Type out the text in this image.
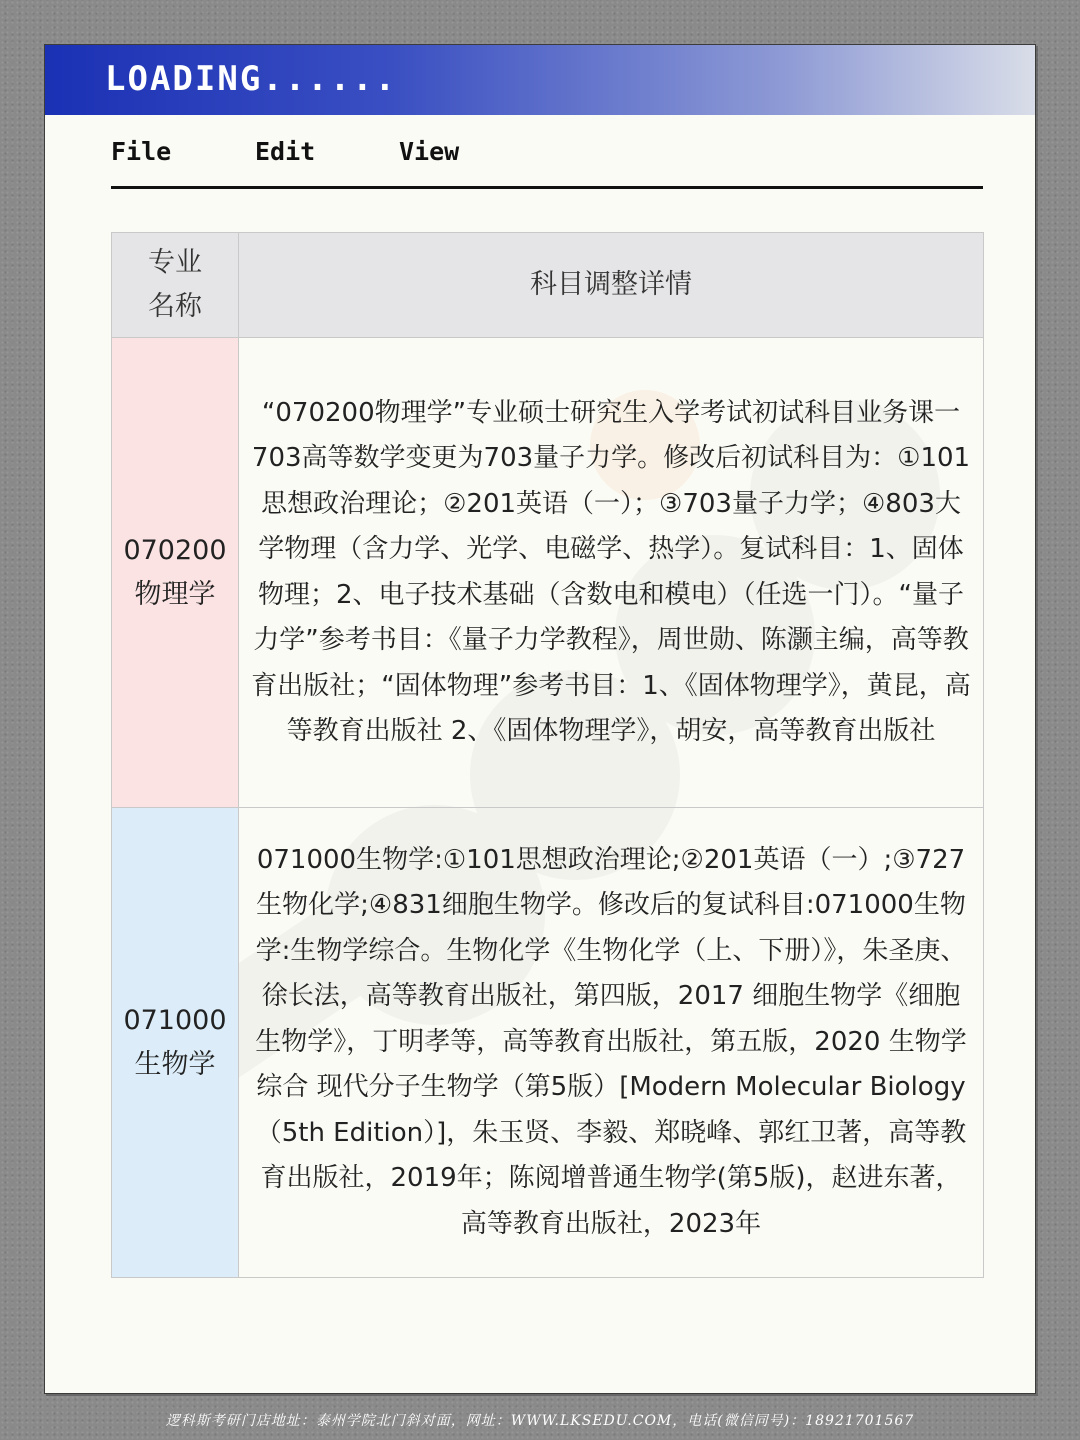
LOADING......
File	Edit	View
专业
名称
科目调整详情
070200
物理学
“070200物理学”专业硕士研究生入学考试初试科目业务课一703高等数学变更为703量子力学。修改后初试科目为：①101思想政治理论；②201英语（一）；③703量子力学；④803大学物理（含力学、光学、电磁学、热学）。复试科目：1、固体物理；2、电子技术基础（含数电和模电）（任选一门）。“量子力学”参考书目：《量子力学教程》，周世勋、陈灏主编，高等教育出版社；“固体物理”参考书目：1、《固体物理学》，黄昆，高等教育出版社 2、《固体物理学》，胡安，高等教育出版社
071000
生物学
071000生物学:①101思想政治理论;②201英语（一）;③727生物化学;④831细胞生物学。修改后的复试科目:071000生物学:生物学综合。生物化学《生物化学（上、下册）》，朱圣庚、徐长法，高等教育出版社，第四版，2017 细胞生物学《细胞生物学》，丁明孝等，高等教育出版社，第五版，2020 生物学综合 现代分子生物学（第5版）[Modern Molecular Biology（5th Edition）]，朱玉贤、李毅、郑晓峰、郭红卫著，高等教育出版社，2019年；陈阅增普通生物学(第5版)，赵进东著，高等教育出版社，2023年
逻科斯考研门店地址：泰州学院北门斜对面，网址：WWW.LKSEDU.COM，电话(微信同号)：18921701567
